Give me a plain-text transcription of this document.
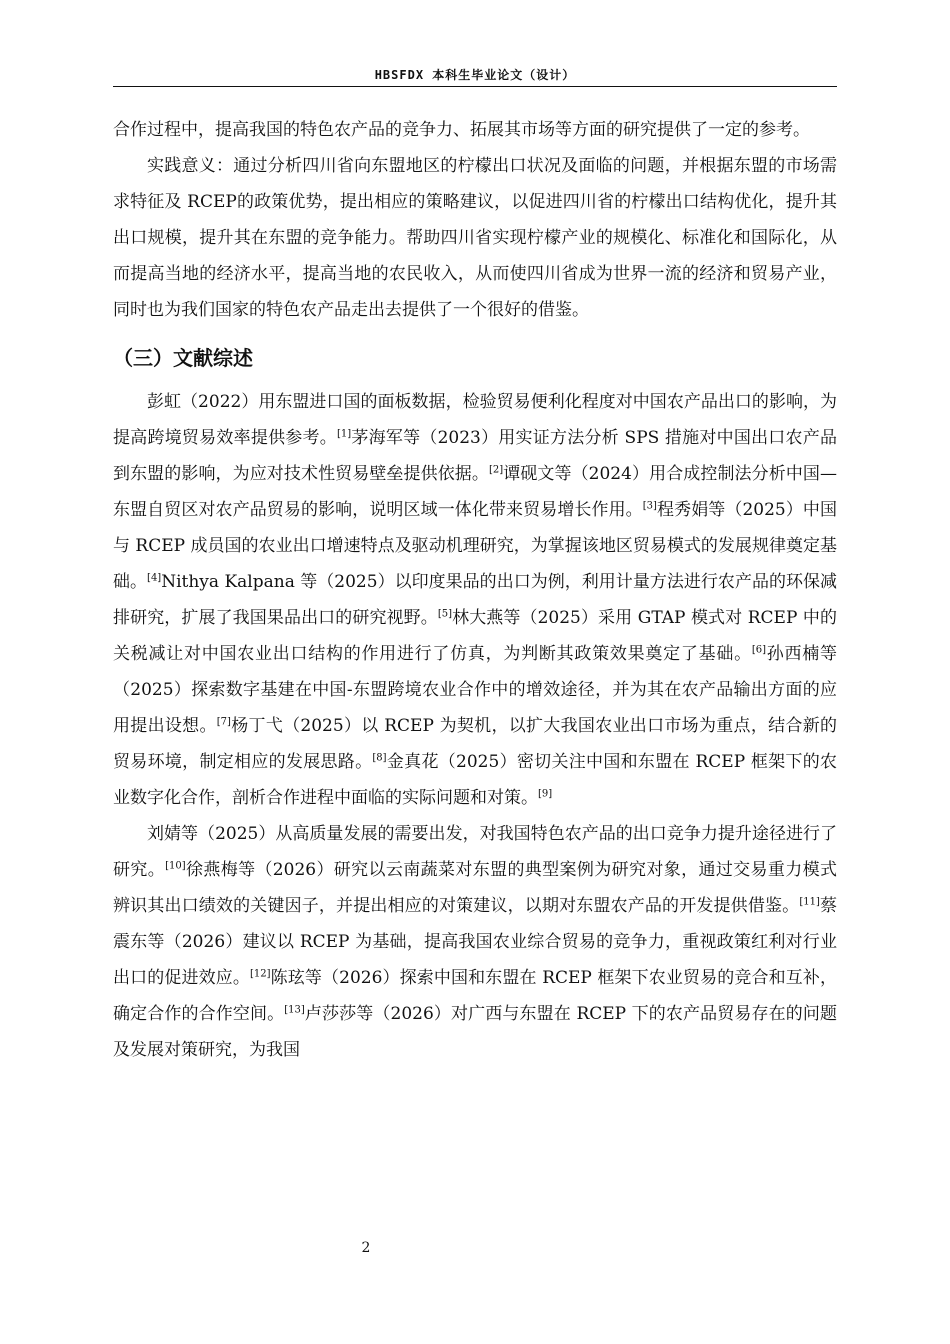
HBSFDX 本科生毕业论文（设计）

合作过程中，提高我国的特色农产品的竞争力、拓展其市场等方面的研究提供了一定的参考。

实践意义：通过分析四川省向东盟地区的柠檬出口状况及面临的问题，并根据东盟的市场需求特征及 RCEP的政策优势，提出相应的策略建议，以促进四川省的柠檬出口结构优化，提升其出口规模，提升其在东盟的竞争能力。帮助四川省实现柠檬产业的规模化、标准化和国际化，从而提高当地的经济水平，提高当地的农民收入，从而使四川省成为世界一流的经济和贸易产业，同时也为我们国家的特色农产品走出去提供了一个很好的借鉴。

（三）文献综述

彭虹（2022）用东盟进口国的面板数据，检验贸易便利化程度对中国农产品出口的影响，为提高跨境贸易效率提供参考。[1]茅海军等（2023）用实证方法分析 SPS 措施对中国出口农产品到东盟的影响，为应对技术性贸易壁垒提供依据。[2]谭砚文等（2024）用合成控制法分析中国—东盟自贸区对农产品贸易的影响，说明区域一体化带来贸易增长作用。[3]程秀娟等（2025）中国与 RCEP 成员国的农业出口增速特点及驱动机理研究，为掌握该地区贸易模式的发展规律奠定基础。[4]Nithya Kalpana 等（2025）以印度果品的出口为例，利用计量方法进行农产品的环保减排研究，扩展了我国果品出口的研究视野。[5]林大燕等（2025）采用 GTAP 模式对 RCEP 中的关税减让对中国农业出口结构的作用进行了仿真，为判断其政策效果奠定了基础。[6]孙西楠等（2025）探索数字基建在中国-东盟跨境农业合作中的增效途径，并为其在农产品输出方面的应用提出设想。[7]杨丁弋（2025）以 RCEP 为契机，以扩大我国农业出口市场为重点，结合新的贸易环境，制定相应的发展思路。[8]金真花（2025）密切关注中国和东盟在 RCEP 框架下的农业数字化合作，剖析合作进程中面临的实际问题和对策。[9]

刘婧等（2025）从高质量发展的需要出发，对我国特色农产品的出口竞争力提升途径进行了研究。[10]徐燕梅等（2026）研究以云南蔬菜对东盟的典型案例为研究对象，通过交易重力模式辨识其出口绩效的关键因子，并提出相应的对策建议，以期对东盟农产品的开发提供借鉴。[11]蔡震东等（2026）建议以 RCEP 为基础，提高我国农业综合贸易的竞争力，重视政策红利对行业出口的促进效应。[12]陈玹等（2026）探索中国和东盟在 RCEP 框架下农业贸易的竞合和互补，确定合作的合作空间。[13]卢莎莎等（2026）对广西与东盟在 RCEP 下的农产品贸易存在的问题及发展对策研究，为我国

2
